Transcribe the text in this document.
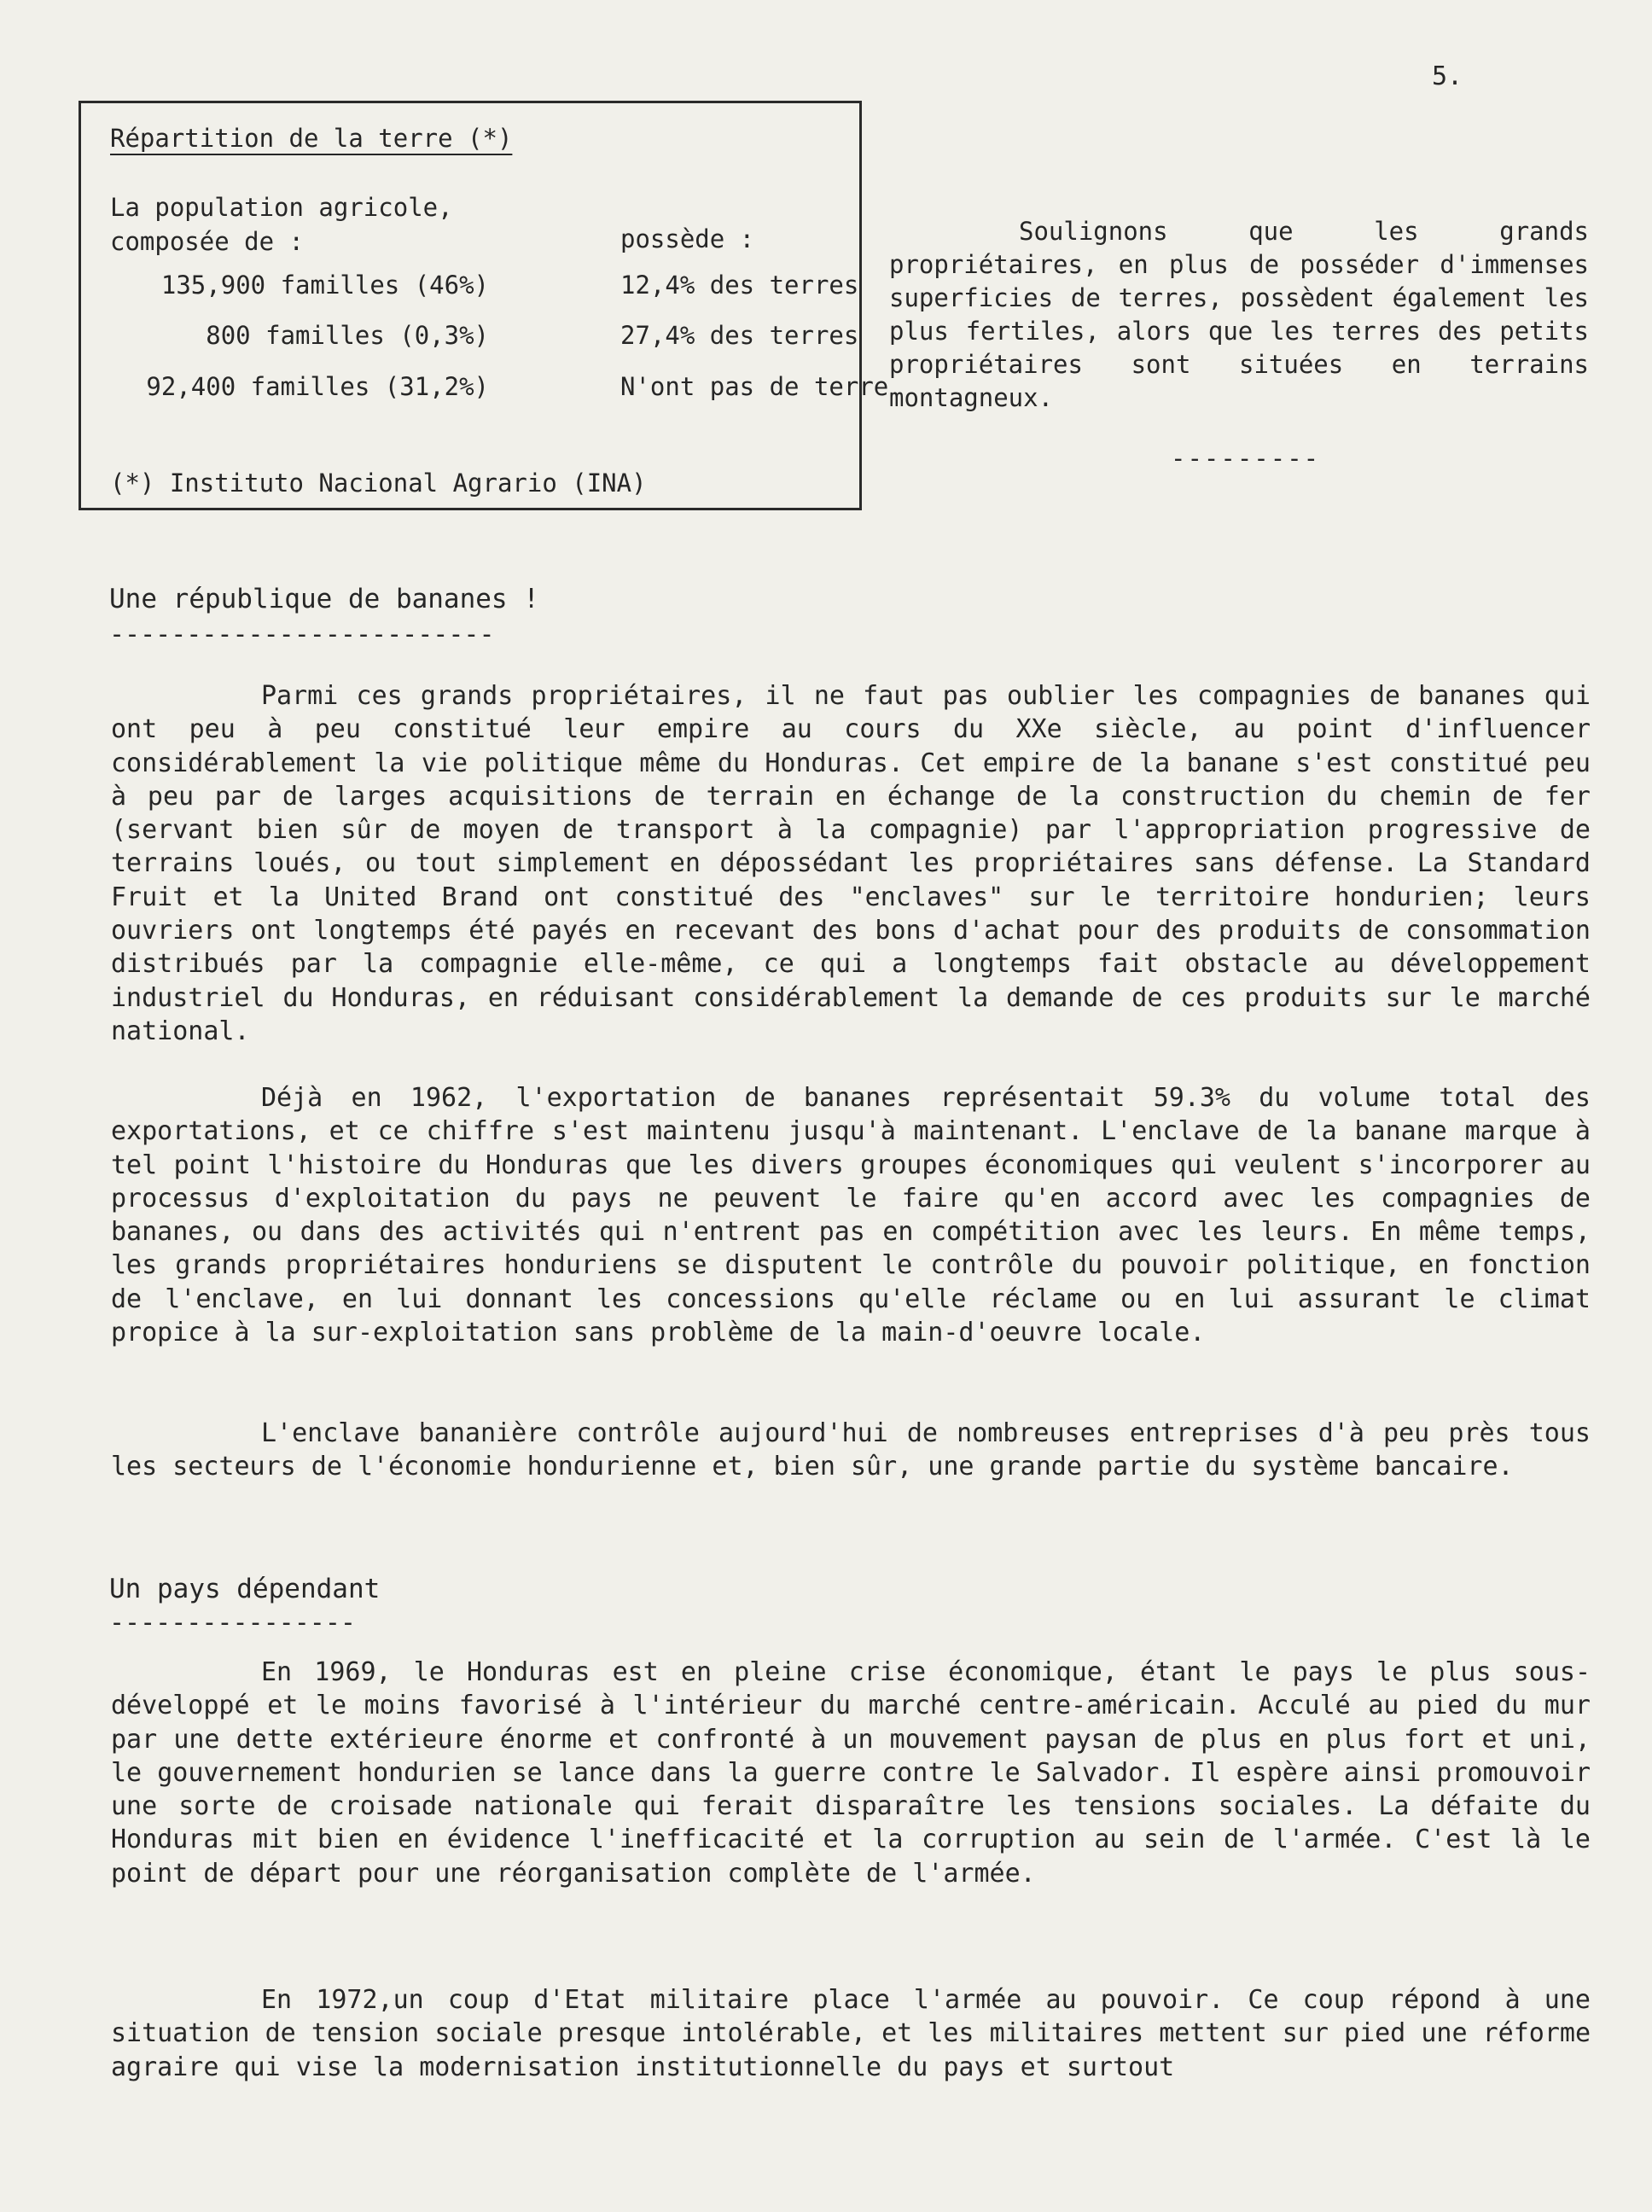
5.
Répartition de la terre (*)
La population agricole,
composée de :	possède :
135,900 familles (46%)	12,4% des terres
800 familles (0,3%)	27,4% des terres
92,400 familles (31,2%)	N'ont pas de terre
(*) Instituto Nacional Agrario (INA)
Soulignons que les grands propriétaires, en plus de posséder d'immenses superficies de terres, possèdent également les plus fertiles, alors que les terres des petits propriétaires sont situées en terrains montagneux.
---------
Une république de bananes !
-------------------------
Parmi ces grands propriétaires, il ne faut pas oublier les compagnies de bananes qui ont peu à peu constitué leur empire au cours du XXe siècle, au point d'influencer considérablement la vie politique même du Honduras. Cet empire de la banane s'est constitué peu à peu par de larges acquisitions de terrain en échange de la construction du chemin de fer (servant bien sûr de moyen de transport à la compagnie) par l'appropriation progressive de terrains loués, ou tout simplement en dépossédant les propriétaires sans défense. La Standard Fruit et la United Brand ont constitué des "enclaves" sur le territoire hondurien; leurs ouvriers ont longtemps été payés en recevant des bons d'achat pour des produits de consommation distribués par la compagnie elle-même, ce qui a longtemps fait obstacle au développement industriel du Honduras, en réduisant considérablement la demande de ces produits sur le marché national.
Déjà en 1962, l'exportation de bananes représentait 59.3% du volume total des exportations, et ce chiffre s'est maintenu jusqu'à maintenant. L'enclave de la banane marque à tel point l'histoire du Honduras que les divers groupes économiques qui veulent s'incorporer au processus d'exploitation du pays ne peuvent le faire qu'en accord avec les compagnies de bananes, ou dans des activités qui n'entrent pas en compétition avec les leurs. En même temps, les grands propriétaires honduriens se disputent le contrôle du pouvoir politique, en fonction de l'enclave, en lui donnant les concessions qu'elle réclame ou en lui assurant le climat propice à la sur-exploitation sans problème de la main-d'oeuvre locale.
L'enclave bananière contrôle aujourd'hui de nombreuses entreprises d'à peu près tous les secteurs de l'économie hondurienne et, bien sûr, une grande partie du système bancaire.
Un pays dépendant
----------------
En 1969, le Honduras est en pleine crise économique, étant le pays le plus sous-développé et le moins favorisé à l'intérieur du marché centre-américain. Acculé au pied du mur par une dette extérieure énorme et confronté à un mouvement paysan de plus en plus fort et uni, le gouvernement hondurien se lance dans la guerre contre le Salvador. Il espère ainsi promouvoir une sorte de croisade nationale qui ferait disparaître les tensions sociales. La défaite du Honduras mit bien en évidence l'inefficacité et la corruption au sein de l'armée. C'est là le point de départ pour une réorganisation complète de l'armée.
En 1972,un coup d'Etat militaire place l'armée au pouvoir. Ce coup répond à une situation de tension sociale presque intolérable, et les militaires mettent sur pied une réforme agraire qui vise la modernisation institutionnelle du pays et surtout
